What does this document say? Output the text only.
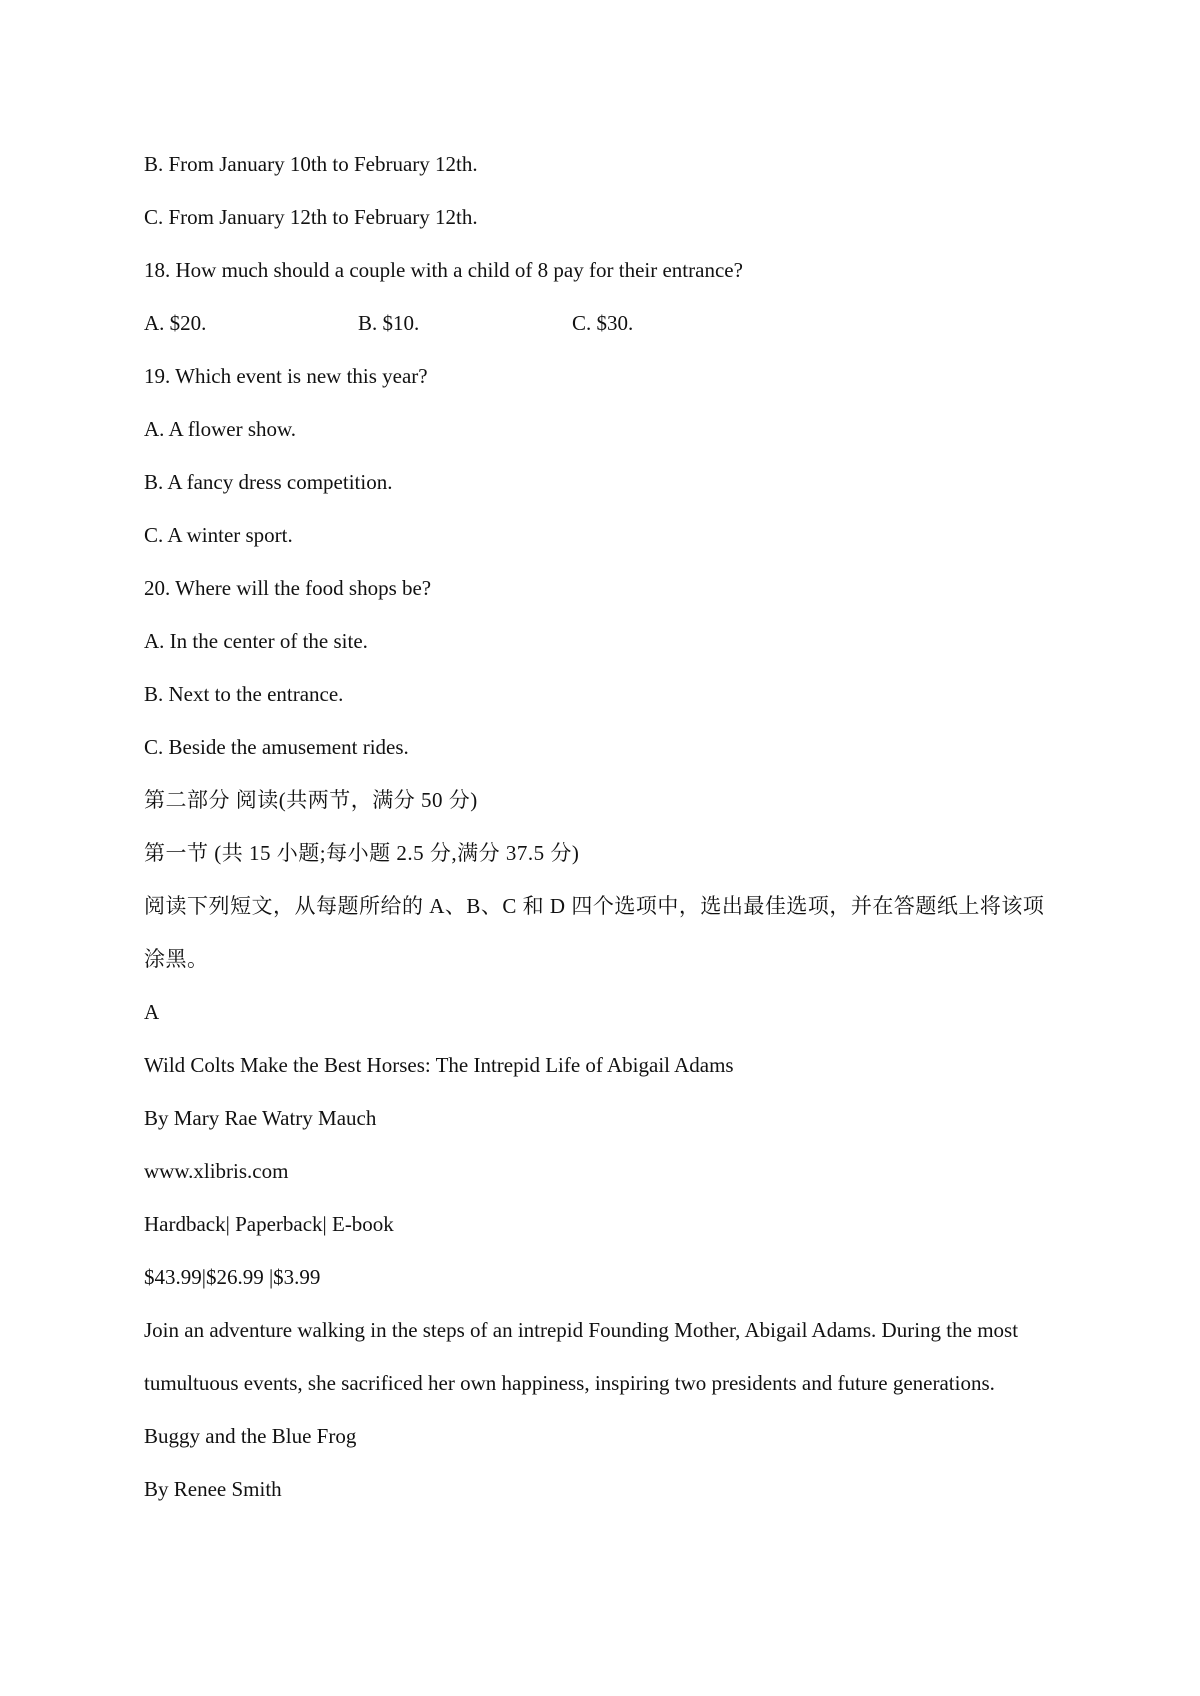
B. From January 10th to February 12th.
C. From January 12th to February 12th.
18. How much should a couple with a child of 8 pay for their entrance?
A. $20.	B. $10.	C. $30.
19. Which event is new this year?
A. A flower show.
B. A fancy dress competition.
C. A winter sport.
20. Where will the food shops be?
A. In the center of the site.
B. Next to the entrance.
C. Beside the amusement rides.
第二部分 阅读(共两节，满分 50 分)
第一节 (共 15 小题;每小题 2.5 分,满分 37.5 分)
阅读下列短文，从每题所给的 A、B、C 和 D 四个选项中，选出最佳选项，并在答题纸上将该项涂黑。
A
Wild Colts Make the Best Horses: The Intrepid Life of Abigail Adams
By Mary Rae Watry Mauch
www.xlibris.com
Hardback| Paperback| E-book
$43.99|$26.99 |$3.99
Join an adventure walking in the steps of an intrepid Founding Mother, Abigail Adams. During the most tumultuous events, she sacrificed her own happiness, inspiring two presidents and future generations.
Buggy and the Blue Frog
By Renee Smith
